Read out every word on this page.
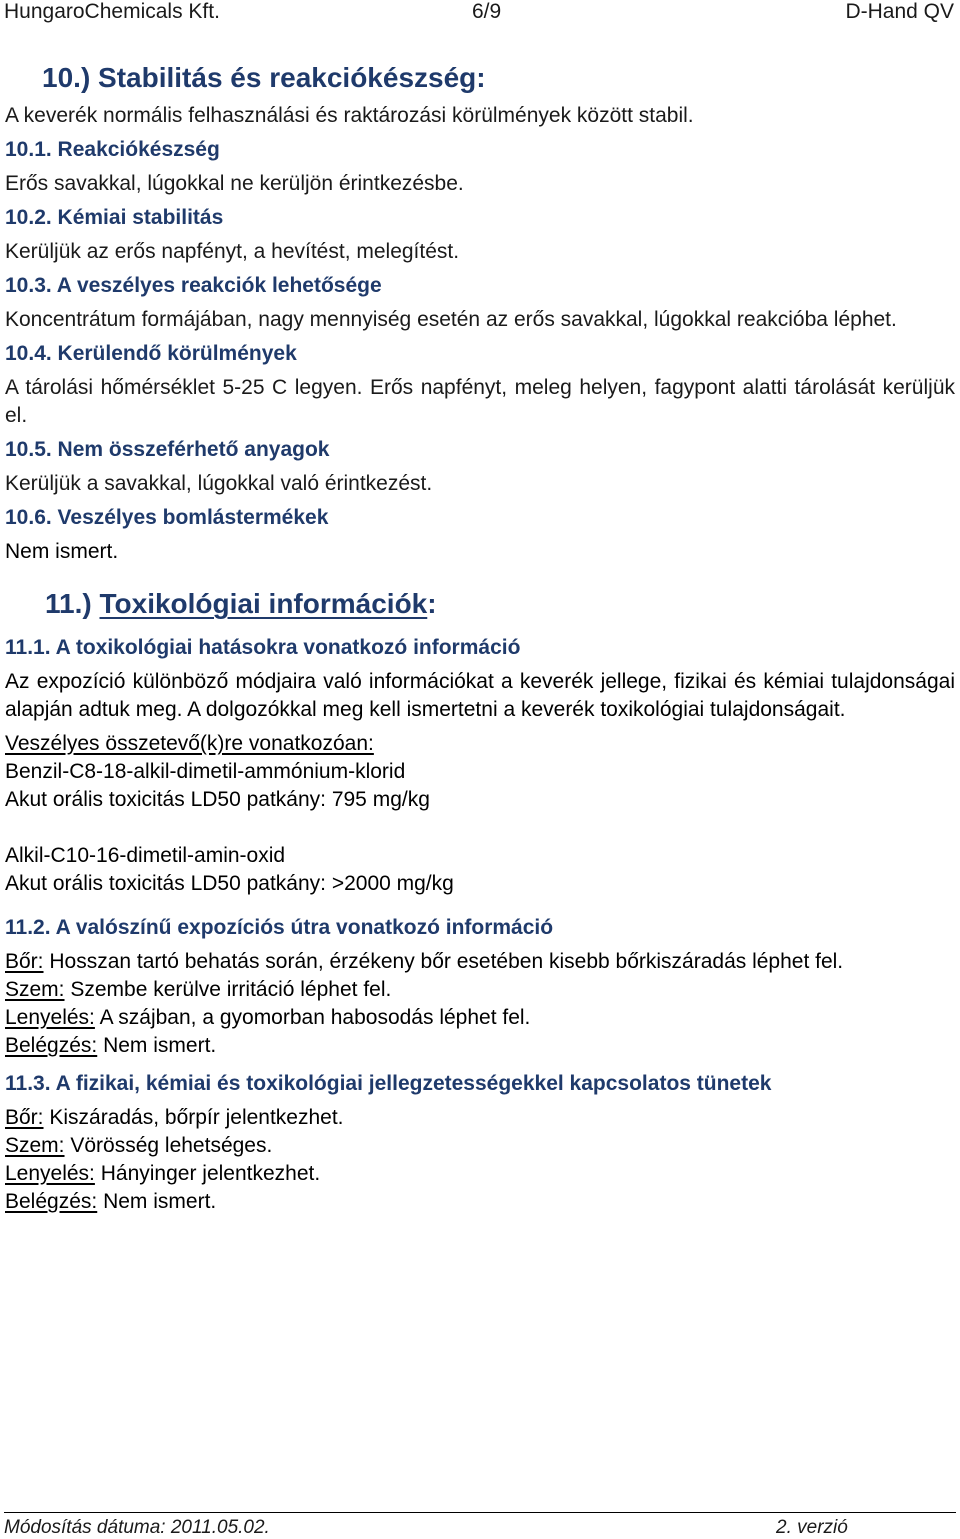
HungaroChemicals Kft.	6/9	D-Hand QV
10.) Stabilitás és reakciókészség:
A keverék normális felhasználási és raktározási körülmények között stabil.
10.1. Reakciókészség
Erős savakkal, lúgokkal ne kerüljön érintkezésbe.
10.2. Kémiai stabilitás
Kerüljük az erős napfényt, a hevítést, melegítést.
10.3. A veszélyes reakciók lehetősége
Koncentrátum formájában, nagy mennyiség esetén az erős savakkal, lúgokkal reakcióba léphet.
10.4. Kerülendő körülmények
A tárolási hőmérséklet 5-25 C legyen. Erős napfényt, meleg helyen, fagypont alatti tárolását kerüljük el.
10.5. Nem összeférhető anyagok
Kerüljük a savakkal, lúgokkal való érintkezést.
10.6. Veszélyes bomlástermékek
Nem ismert.
11.) Toxikológiai információk:
11.1. A toxikológiai hatásokra vonatkozó információ
Az expozíció különböző módjaira való információkat a keverék jellege, fizikai és kémiai tulajdonságai alapján adtuk meg. A dolgozókkal meg kell ismertetni a keverék toxikológiai tulajdonságait.
Veszélyes összetevő(k)re vonatkozóan:
Benzil-C8-18-alkil-dimetil-ammónium-klorid
Akut orális toxicitás LD50 patkány: 795 mg/kg
Alkil-C10-16-dimetil-amin-oxid
Akut orális toxicitás LD50 patkány: >2000 mg/kg
11.2. A valószínű expozíciós útra vonatkozó információ
Bőr: Hosszan tartó behatás során, érzékeny bőr esetében kisebb bőrkiszáradás léphet fel.
Szem: Szembe kerülve irritáció léphet fel.
Lenyelés: A szájban, a gyomorban habosodás léphet fel.
Belégzés: Nem ismert.
11.3. A fizikai, kémiai és toxikológiai jellegzetességekkel kapcsolatos tünetek
Bőr: Kiszáradás, bőrpír jelentkezhet.
Szem: Vörösség lehetséges.
Lenyelés: Hányinger jelentkezhet.
Belégzés: Nem ismert.
Módosítás dátuma: 2011.05.02.	2. verzió
